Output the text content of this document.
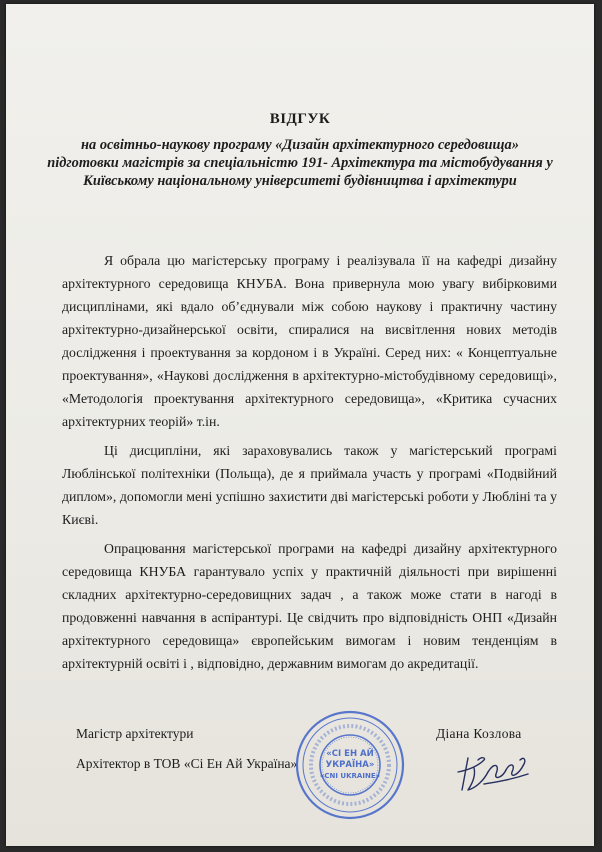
ВІДГУК
на освітньо-наукову програму «Дизайн архітектурного середовища» підготовки магістрів за спеціальністю 191- Архітектура та містобудування у Київському національному університеті будівництва і архітектури

Я обрала цю магістерську програму і реалізувала її на кафедрі дизайну архітектурного середовища КНУБА. Вона привернула мою увагу вибірковими дисциплінами, які вдало об’єднували між собою наукову і практичну частину архітектурно-дизайнерської освіти, спиралися на висвітлення нових методів дослідження і проектування за кордоном і в Україні. Серед них: « Концептуальне проектування», «Наукові дослідження в архітектурно-містобудівному середовищі», «Методологія проектування архітектурного середовища», «Критика сучасних архітектурних теорій» т.ін.

Ці дисципліни, які зараховувались також у магістерський програмі Люблінської політехніки (Польща), де я приймала участь у програмі «Подвійний диплом», допомогли мені успішно захистити дві магістерські роботи у Любліні та у Києві.

Опрацювання магістерської програми на кафедрі дизайну архітектурного середовища КНУБА гарантувало успіх у практичній діяльності при вирішенні складних архітектурно-середовищних задач , а також може стати в нагоді в продовженні навчання в аспірантурі. Це свідчить про відповідність ОНП «Дизайн архітектурного середовища» європейським вимогам і новим тенденціям в архітектурній освіті і , відповідно, державним вимогам до акредитації.

Магістр архітектури
Архітектор в ТОВ «Сі Ен Ай Україна»
Діана Козлова
«СІ ЕН АЙ
УКРАЇНА»
«CNI UKRAINE»
